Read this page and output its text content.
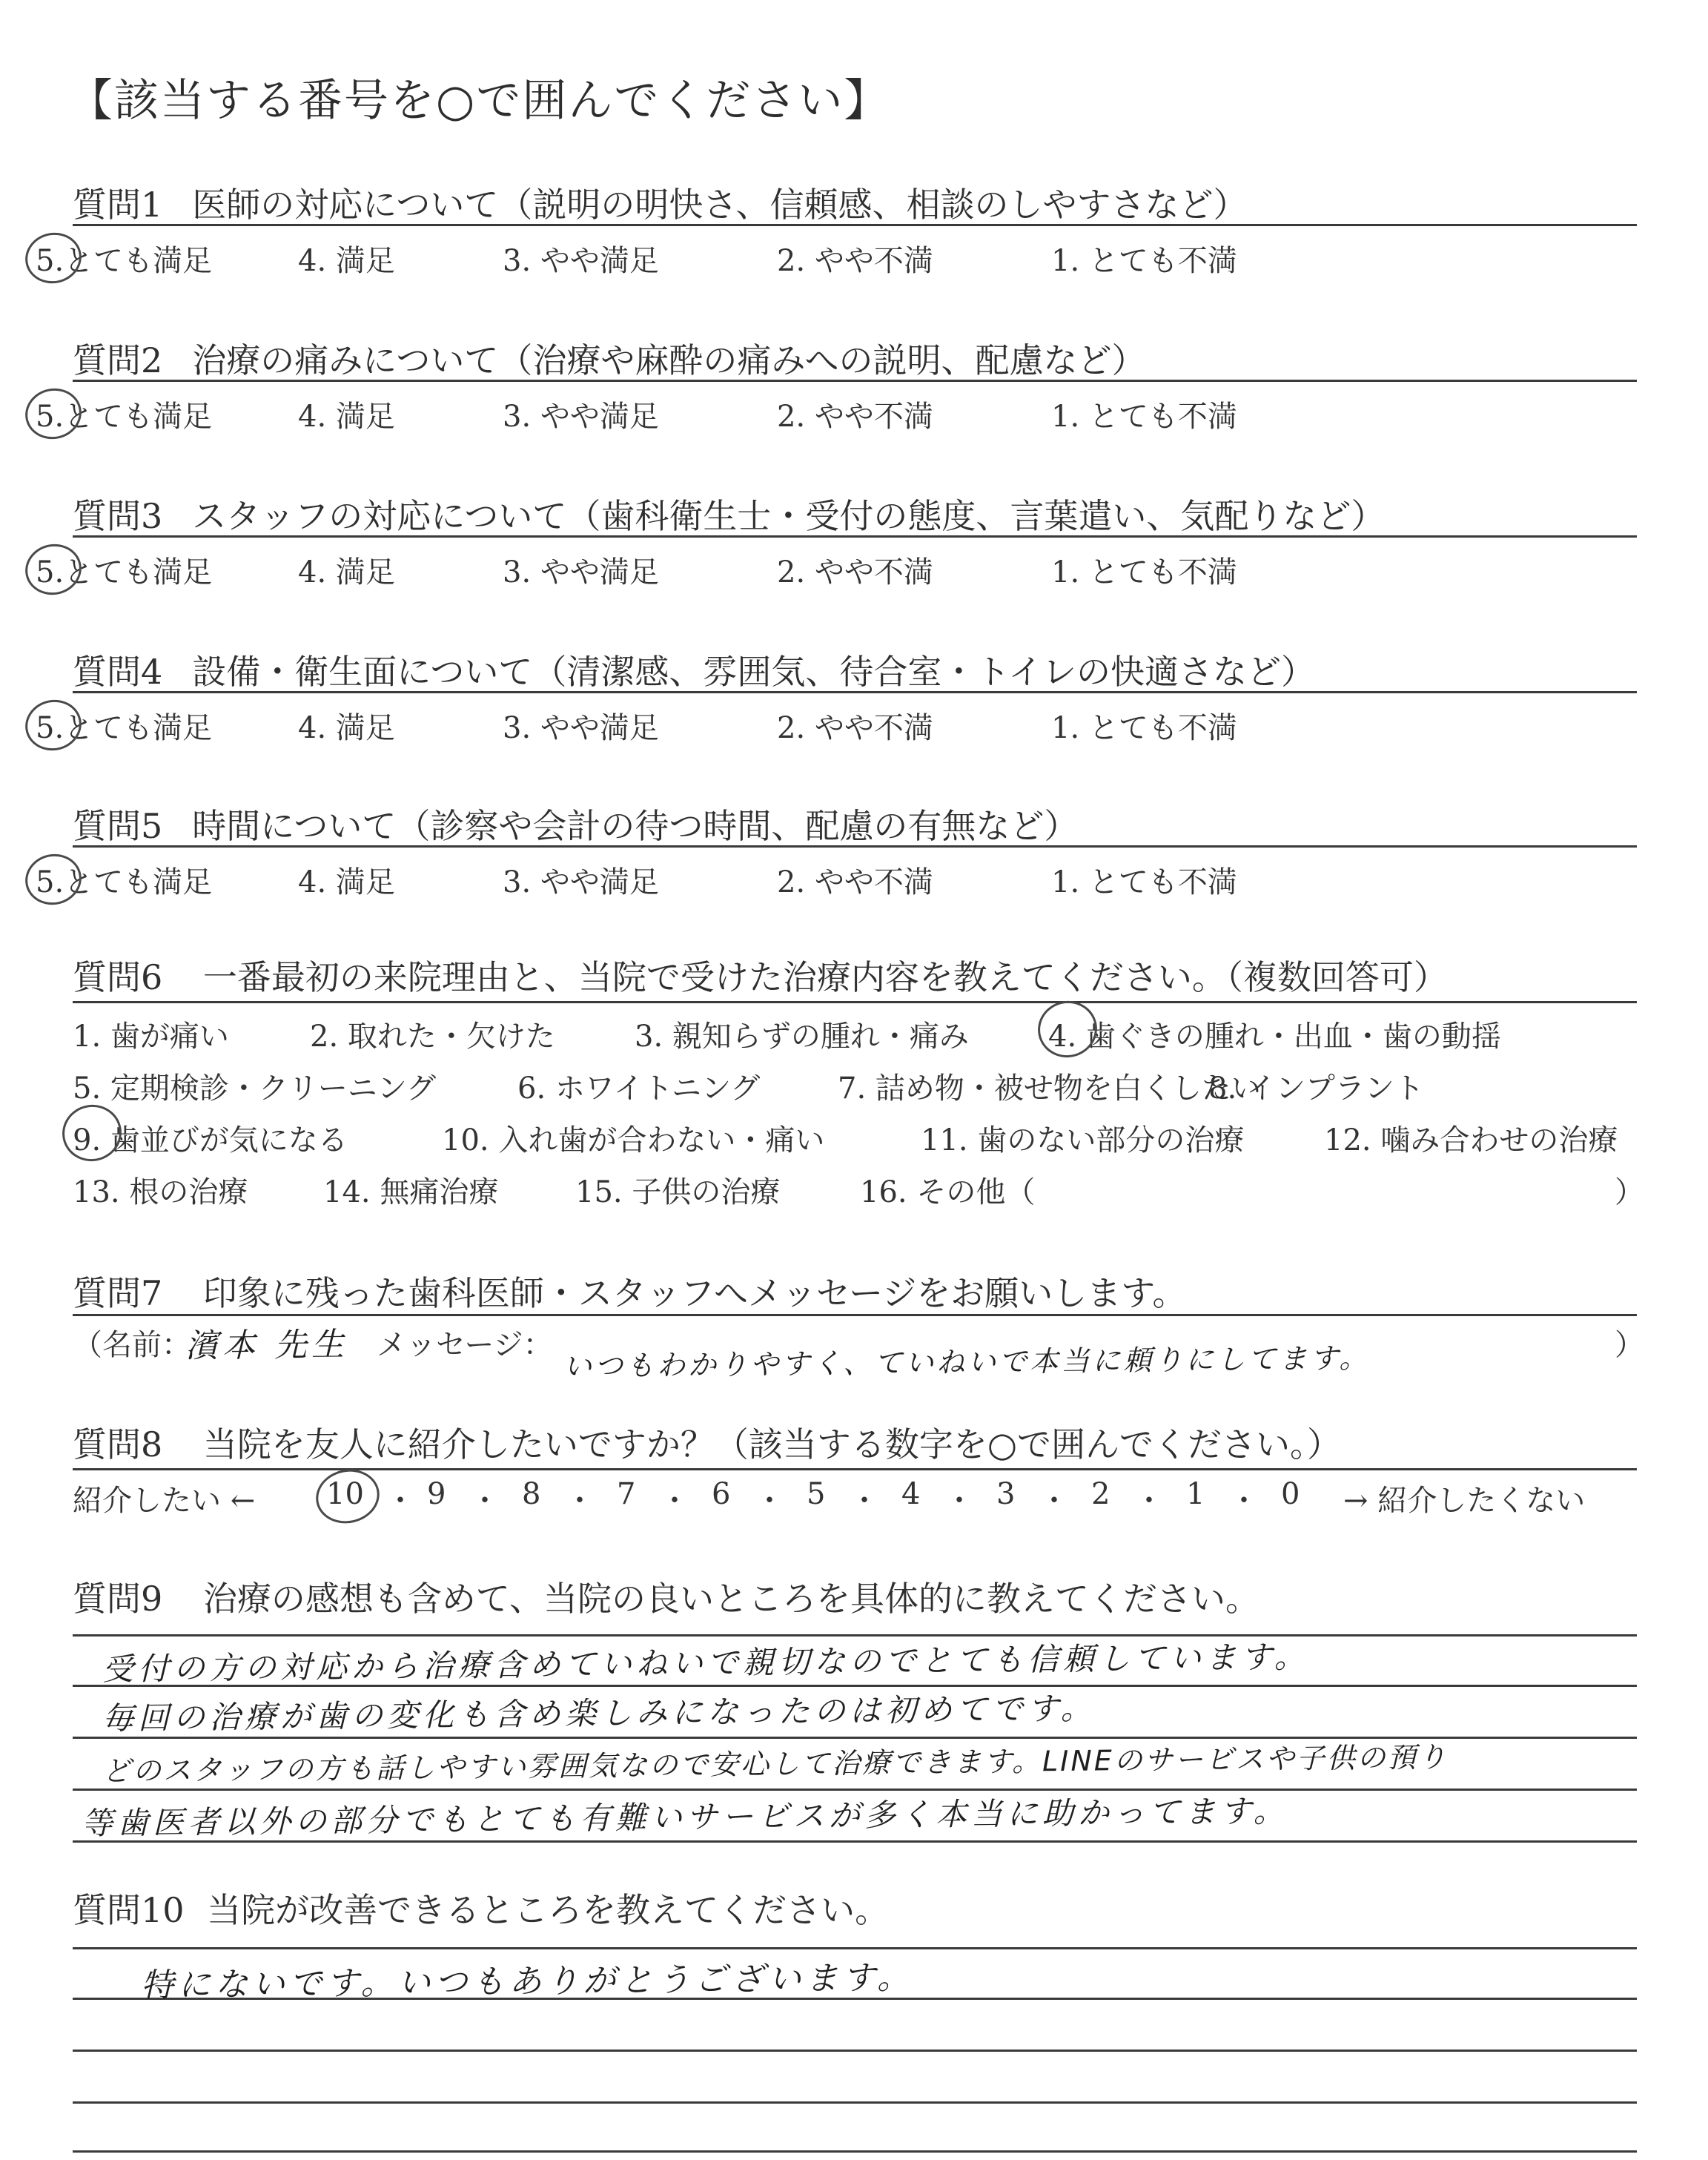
【該当する番号を○で囲んでください】
質問1 医師の対応について（説明の明快さ、信頼感、相談のしやすさなど）
5.とても満足	4. 満足	3. やや満足	2. やや不満	1. とても不満
質問2 治療の痛みについて（治療や麻酔の痛みへの説明、配慮など）
5.とても満足	4. 満足	3. やや満足	2. やや不満	1. とても不満
質問3 スタッフの対応について（歯科衛生士・受付の態度、言葉遣い、気配りなど）
5.とても満足	4. 満足	3. やや満足	2. やや不満	1. とても不満
質問4 設備・衛生面について（清潔感、雰囲気、待合室・トイレの快適さなど）
5.とても満足	4. 満足	3. やや満足	2. やや不満	1. とても不満
質問5 時間について（診察や会計の待つ時間、配慮の有無など）
5.とても満足	4. 満足	3. やや満足	2. やや不満	1. とても不満
質問6 一番最初の来院理由と、当院で受けた治療内容を教えてください。（複数回答可）
1. 歯が痛い	2. 取れた・欠けた	3. 親知らずの腫れ・痛み	4. 歯ぐきの腫れ・出血・歯の動揺
5. 定期検診・クリーニング	6. ホワイトニング	7. 詰め物・被せ物を白くしたい
8. インプラント
9. 歯並びが気になる	10. 入れ歯が合わない・痛い	11. 歯のない部分の治療	12. 噛み合わせの治療
13. 根の治療	14. 無痛治療	15. 子供の治療	16. その他（	）
質問7 印象に残った歯科医師・スタッフへメッセージをお願いします。
（名前：
濱本 先生 メッセージ： いつもわかりやすく、ていねいで本当に頼りにしてます。	）
質問8 当院を友人に紹介したいですか？（該当する数字を○で囲んでください。）
紹介したい ← 10 ・ 9 ・ 8 ・ 7 ・ 6 ・ 5 ・ 4 ・ 3 ・ 2 ・ 1 ・ 0 → 紹介したくない
質問9 治療の感想も含めて、当院の良いところを具体的に教えてください。
受付の方の対応から治療含めていねいで親切なのでとても信頼しています。
毎回の治療が歯の変化も含め楽しみになったのは初めてです。
どのスタッフの方も話しやすい雰囲気なので安心して治療できます。LINEのサービスや子供の預り
等歯医者以外の部分でもとても有難いサービスが多く本当に助かってます。
質問10 当院が改善できるところを教えてください。
特にないです。いつもありがとうございます。
